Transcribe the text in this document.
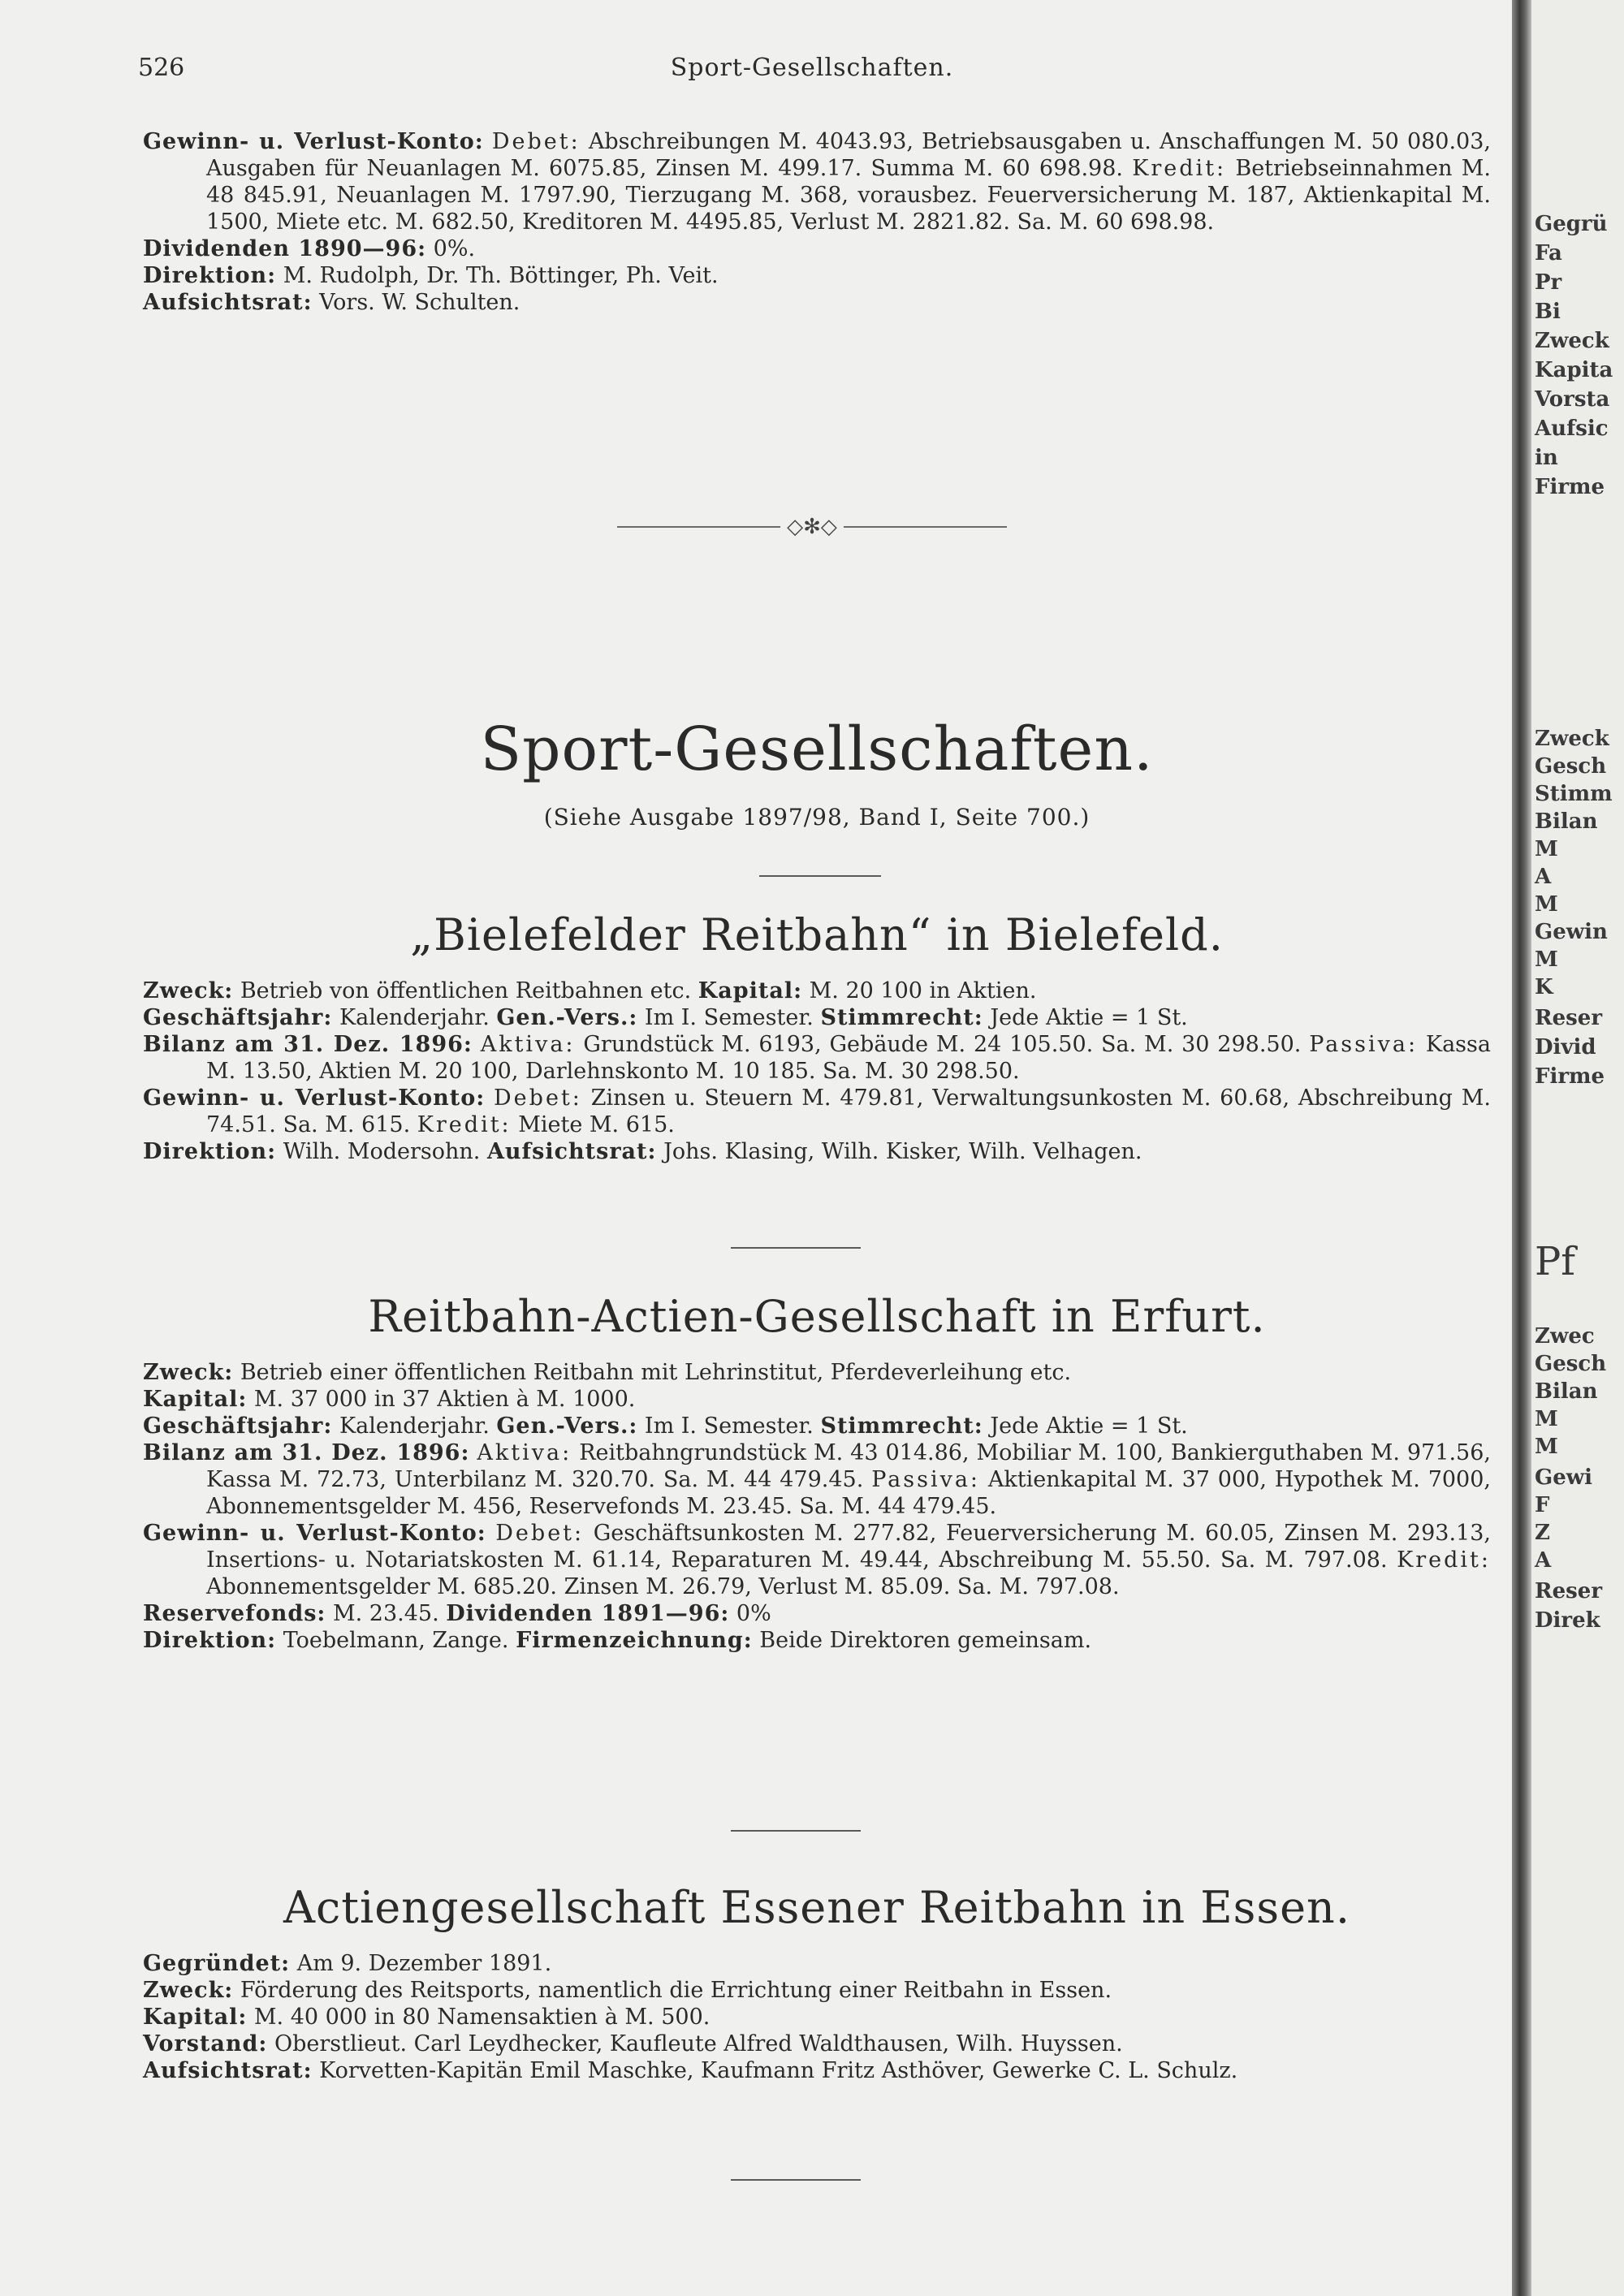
526	Sport-Gesellschaften.

Gewinn- u. Verlust-Konto: Debet: Abschreibungen M. 4043.93, Betriebsausgaben u. Anschaffungen M. 50 080.03, Ausgaben für Neuanlagen M. 6075.85, Zinsen M. 499.17. Summa M. 60 698.98. Kredit: Betriebseinnahmen M. 48 845.91, Neuanlagen M. 1797.90, Tierzugang M. 368, vorausbez. Feuerversicherung M. 187, Aktienkapital M. 1500, Miete etc. M. 682.50, Kreditoren M. 4495.85, Verlust M. 2821.82. Sa. M. 60 698.98.

Dividenden 1890—96: 0%.

Direktion: M. Rudolph, Dr. Th. Böttinger, Ph. Veit.

Aufsichtsrat: Vors. W. Schulten.

◇✻◇
Sport-Gesellschaften.
(Siehe Ausgabe 1897/98, Band I, Seite 700.)
„Bielefelder Reitbahn“ in Bielefeld.

Zweck: Betrieb von öffentlichen Reitbahnen etc. Kapital: M. 20 100 in Aktien.

Geschäftsjahr: Kalenderjahr. Gen.-Vers.: Im I. Semester. Stimmrecht: Jede Aktie = 1 St.

Bilanz am 31. Dez. 1896: Aktiva: Grundstück M. 6193, Gebäude M. 24 105.50. Sa. M. 30 298.50. Passiva: Kassa M. 13.50, Aktien M. 20 100, Darlehnskonto M. 10 185. Sa. M. 30 298.50.

Gewinn- u. Verlust-Konto: Debet: Zinsen u. Steuern M. 479.81, Verwaltungsunkosten M. 60.68, Abschreibung M. 74.51. Sa. M. 615. Kredit: Miete M. 615.

Direktion: Wilh. Modersohn. Aufsichtsrat: Johs. Klasing, Wilh. Kisker, Wilh. Velhagen.

Reitbahn-Actien-Gesellschaft in Erfurt.

Zweck: Betrieb einer öffentlichen Reitbahn mit Lehrinstitut, Pferdeverleihung etc.

Kapital: M. 37 000 in 37 Aktien à M. 1000.

Geschäftsjahr: Kalenderjahr. Gen.-Vers.: Im I. Semester. Stimmrecht: Jede Aktie = 1 St.

Bilanz am 31. Dez. 1896: Aktiva: Reitbahngrundstück M. 43 014.86, Mobiliar M. 100, Bankierguthaben M. 971.56, Kassa M. 72.73, Unterbilanz M. 320.70. Sa. M. 44 479.45. Passiva: Aktienkapital M. 37 000, Hypothek M. 7000, Abonnementsgelder M. 456, Reservefonds M. 23.45. Sa. M. 44 479.45.

Gewinn- u. Verlust-Konto: Debet: Geschäftsunkosten M. 277.82, Feuerversicherung M. 60.05, Zinsen M. 293.13, Insertions- u. Notariatskosten M. 61.14, Reparaturen M. 49.44, Abschreibung M. 55.50. Sa. M. 797.08. Kredit: Abonnementsgelder M. 685.20. Zinsen M. 26.79, Verlust M. 85.09. Sa. M. 797.08.

Reservefonds: M. 23.45. Dividenden 1891—96: 0%

Direktion: Toebelmann, Zange. Firmenzeichnung: Beide Direktoren gemeinsam.

Actiengesellschaft Essener Reitbahn in Essen.

Gegründet: Am 9. Dezember 1891.

Zweck: Förderung des Reitsports, namentlich die Errichtung einer Reitbahn in Essen.

Kapital: M. 40 000 in 80 Namensaktien à M. 500.

Vorstand: Oberstlieut. Carl Leydhecker, Kaufleute Alfred Waldthausen, Wilh. Huyssen.

Aufsichtsrat: Korvetten-Kapitän Emil Maschke, Kaufmann Fritz Asthöver, Gewerke C. L. Schulz.

Gegrü
Fa
Pr
Bi
Zweck
Kapita
Vorsta
Aufsic
in
Firme
Zweck
Gesch
Stimm
Bilan
M
A
M
Gewin
M
K
Reser
Divid
Firme
Pf
Zwec
Gesch
Bilan
M
M
Gewi
F
Z
A
Reser
Direk
